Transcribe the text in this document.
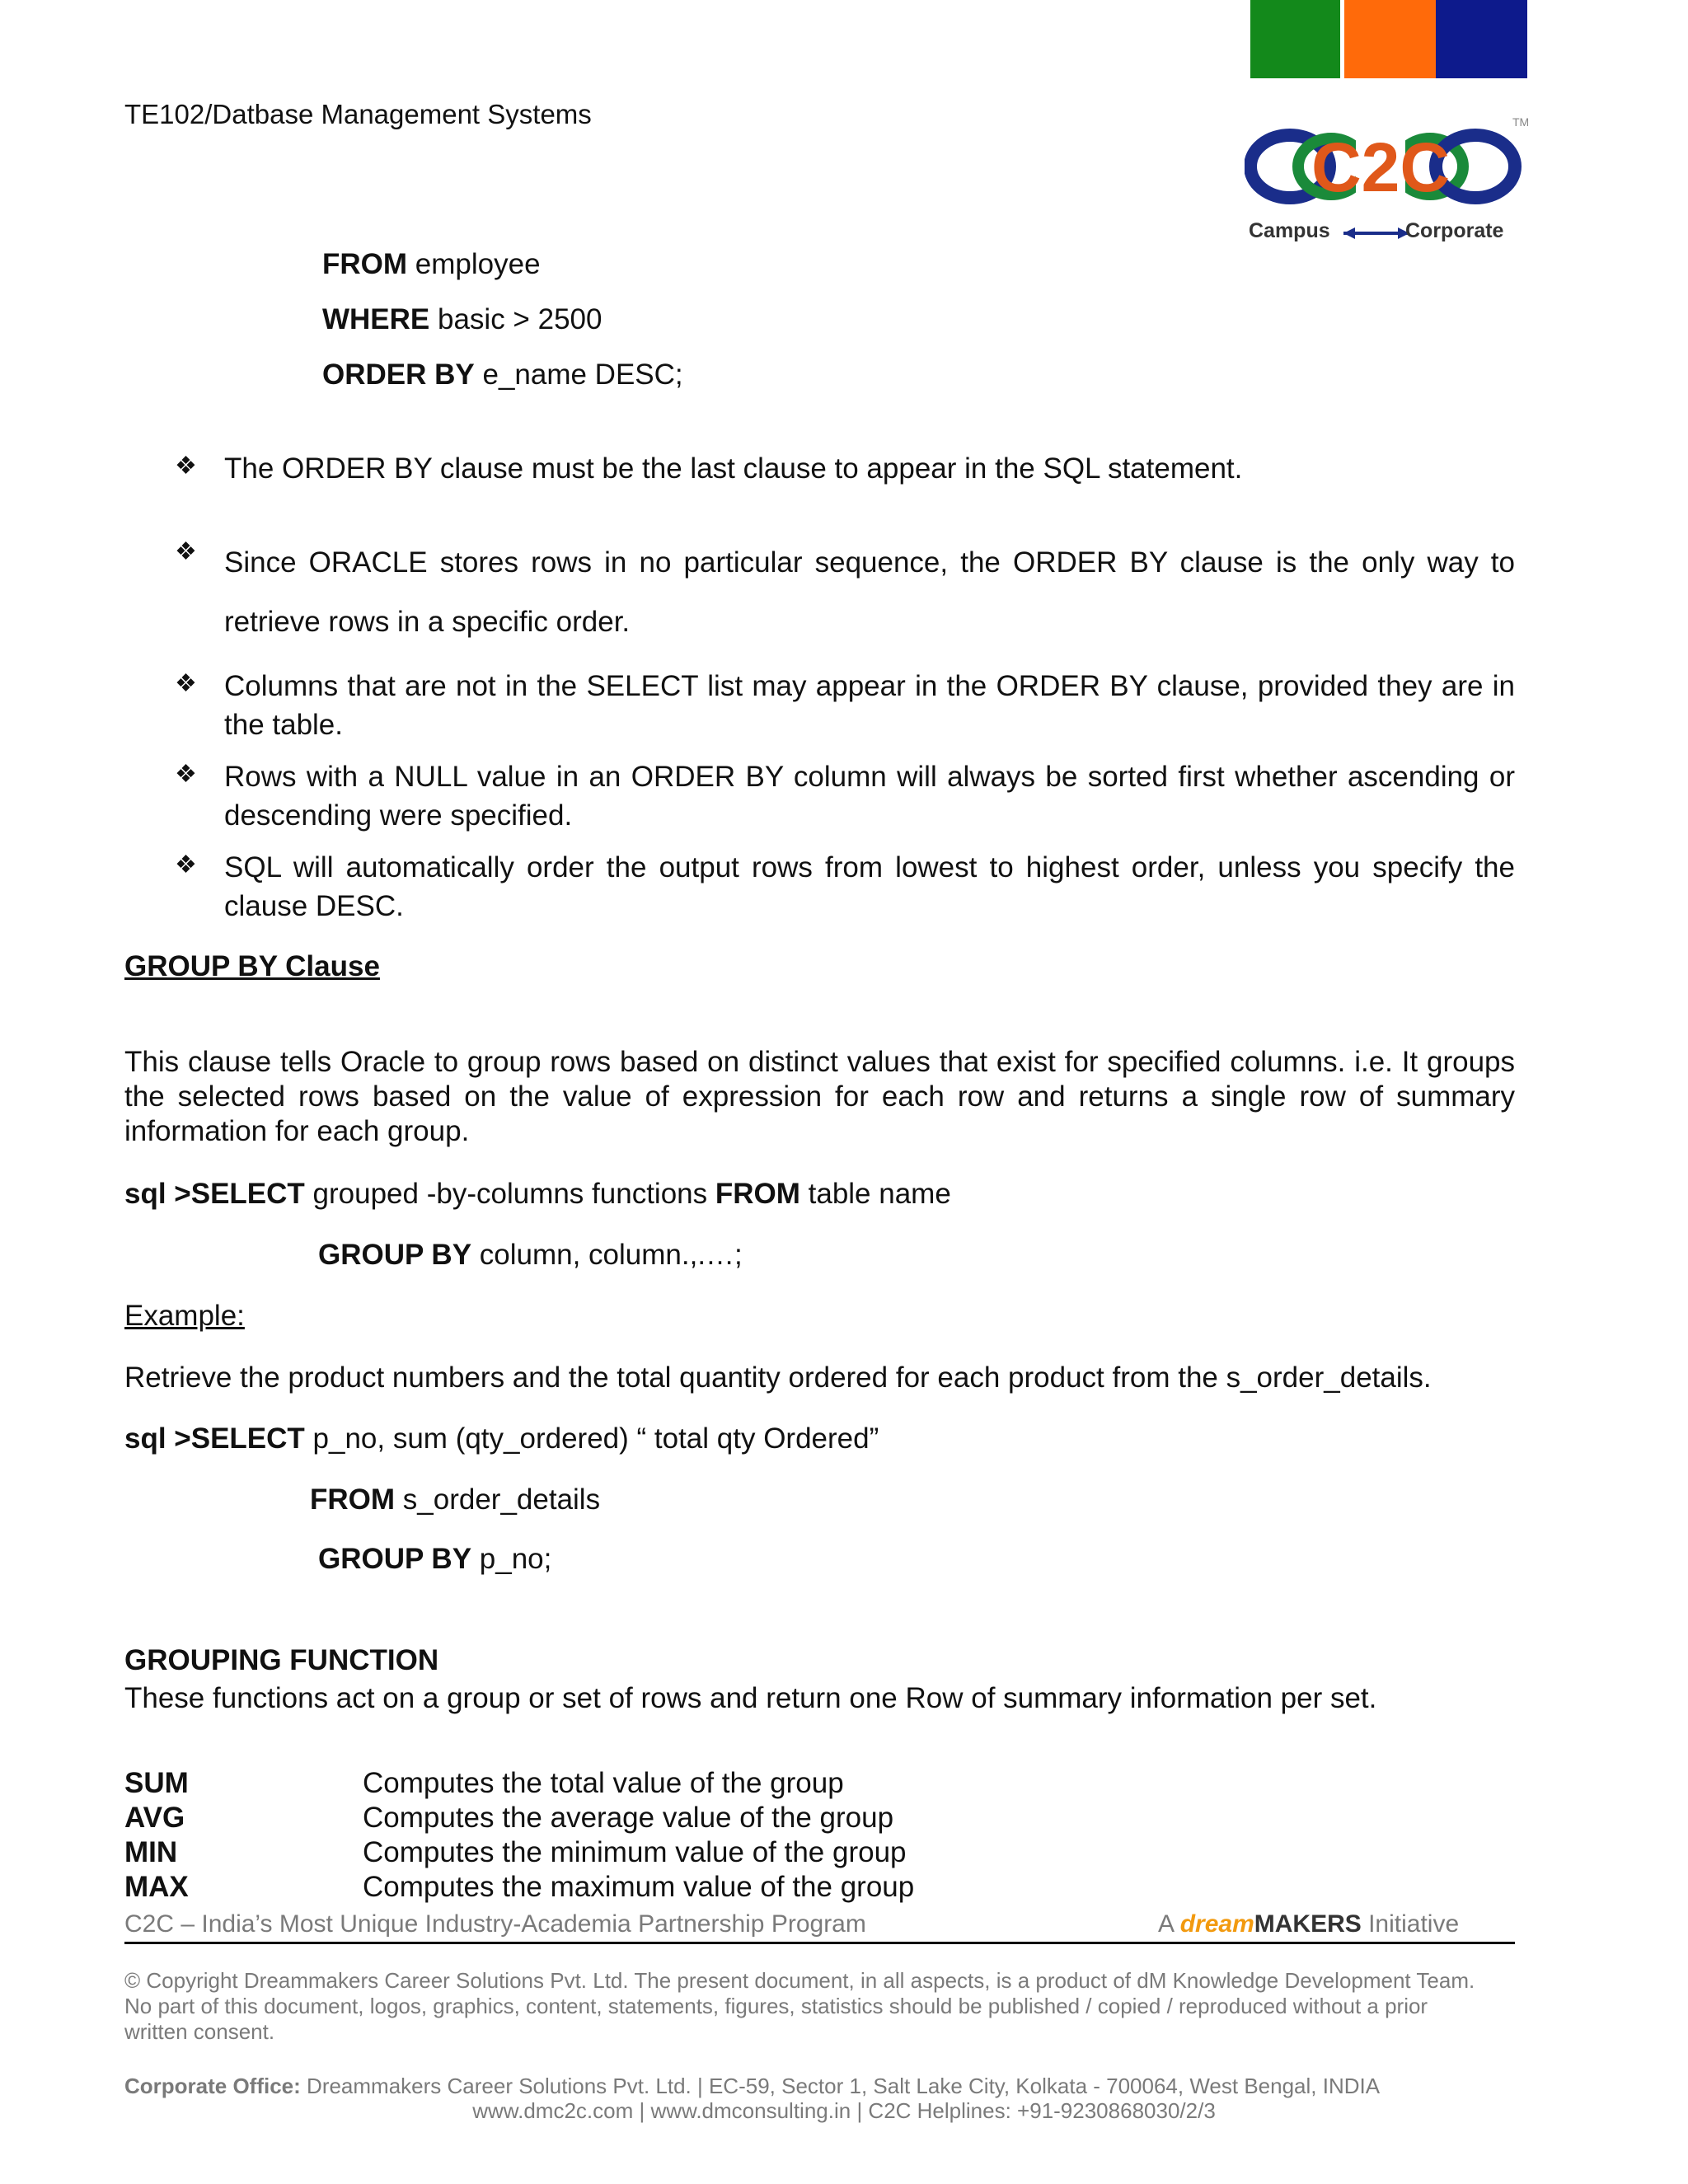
TE102/Datbase Management Systems
C2C
TM
Campus	Corporate
FROM employee
WHERE basic > 2500
ORDER BY e_name DESC;
❖ The ORDER BY clause must be the last clause to appear in the SQL statement.
❖ Since ORACLE stores rows in no particular sequence, the ORDER BY clause is the only way to retrieve rows in a specific order.
❖ Columns that are not in the SELECT list may appear in the ORDER BY clause, provided they are in the table.
❖ Rows with a NULL value in an ORDER BY column will always be sorted first whether ascending or descending were specified.
❖ SQL will automatically order the output rows from lowest to highest order, unless you specify the clause DESC.
GROUP BY Clause
This clause tells Oracle to group rows based on distinct values that exist for specified columns. i.e. It groups the selected rows based on the value of expression for each row and returns a single row of summary information for each group.
sql >SELECT grouped -by-columns functions FROM table name
GROUP BY column, column.,.…;
Example:
Retrieve the product numbers and the total quantity ordered for each product from the s_order_details.
sql >SELECT p_no, sum (qty_ordered) “ total qty Ordered”
FROM s_order_details
GROUP BY p_no;
GROUPING FUNCTION
These functions act on a group or set of rows and return one Row of summary information per set.
SUM	Computes the total value of the group
AVG	Computes the average value of the group
MIN	Computes the minimum value of the group
MAX	Computes the maximum value of the group
C2C – India’s Most Unique Industry-Academia Partnership Program	A dreamMAKERS Initiative
© Copyright Dreammakers Career Solutions Pvt. Ltd. The present document, in all aspects, is a product of dM Knowledge Development Team. No part of this document, logos, graphics, content, statements, figures, statistics should be published / copied / reproduced without a prior written consent.
Corporate Office: Dreammakers Career Solutions Pvt. Ltd. | EC-59, Sector 1, Salt Lake City, Kolkata - 700064, West Bengal, INDIA
www.dmc2c.com | www.dmconsulting.in | C2C Helplines: +91-9230868030/2/3
